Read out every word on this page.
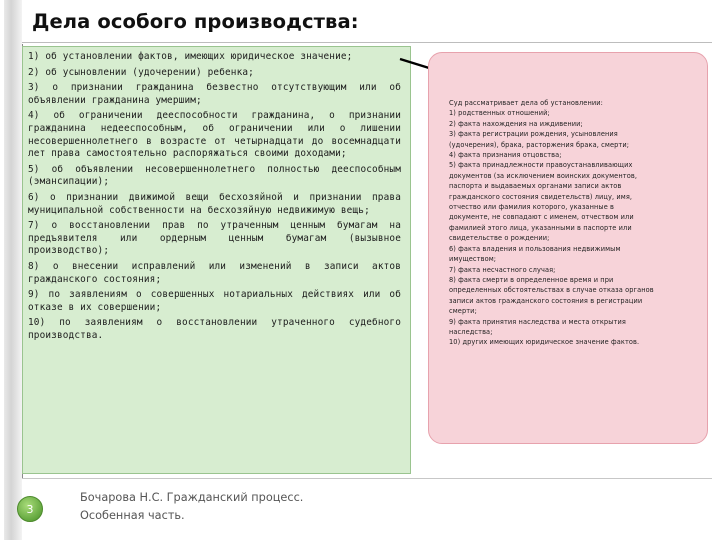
Дела особого производства:
1) об установлении фактов, имеющих юридическое значение;
2) об усыновлении (удочерении) ребенка;
3) о признании гражданина безвестно отсутствующим или об объявлении гражданина умершим;
4) об ограничении дееспособности гражданина, о признании гражданина недееспособным, об ограничении или о лишении несовершеннолетнего в возрасте от четырнадцати до восемнадцати лет права самостоятельно распоряжаться своими доходами;
5) об объявлении несовершеннолетнего полностью дееспособным (эмансипации);
6) о признании движимой вещи бесхозяйной и признании права муниципальной собственности на бесхозяйную недвижимую вещь;
7) о восстановлении прав по утраченным ценным бумагам на предъявителя или ордерным ценным бумагам (вызывное производство);
8) о внесении исправлений или изменений в записи актов гражданского состояния;
9) по заявлениям о совершенных нотариальных действиях или об отказе в их совершении;
10) по заявлениям о восстановлении утраченного судебного производства.
Суд рассматривает дела об установлении:
1) родственных отношений;
2) факта нахождения на иждивении;
3) факта регистрации рождения, усыновления
(удочерения), брака, расторжения брака, смерти;
4) факта признания отцовства;
5) факта принадлежности правоустанавливающих
документов (за исключением воинских документов,
паспорта и выдаваемых органами записи актов
гражданского состояния свидетельств) лицу, имя,
отчество или фамилия которого, указанные в
документе, не совпадают с именем, отчеством или
фамилией этого лица, указанными в паспорте или
свидетельстве о рождении;
6) факта владения и пользования недвижимым
имуществом;
7) факта несчастного случая;
8) факта смерти в определенное время и при
определенных обстоятельствах в случае отказа органов
записи актов гражданского состояния в регистрации
смерти;
9) факта принятия наследства и места открытия
наследства;
10) других имеющих юридическое значение фактов.
3
Бочарова Н.С. Гражданский процесс.
Особенная часть.
